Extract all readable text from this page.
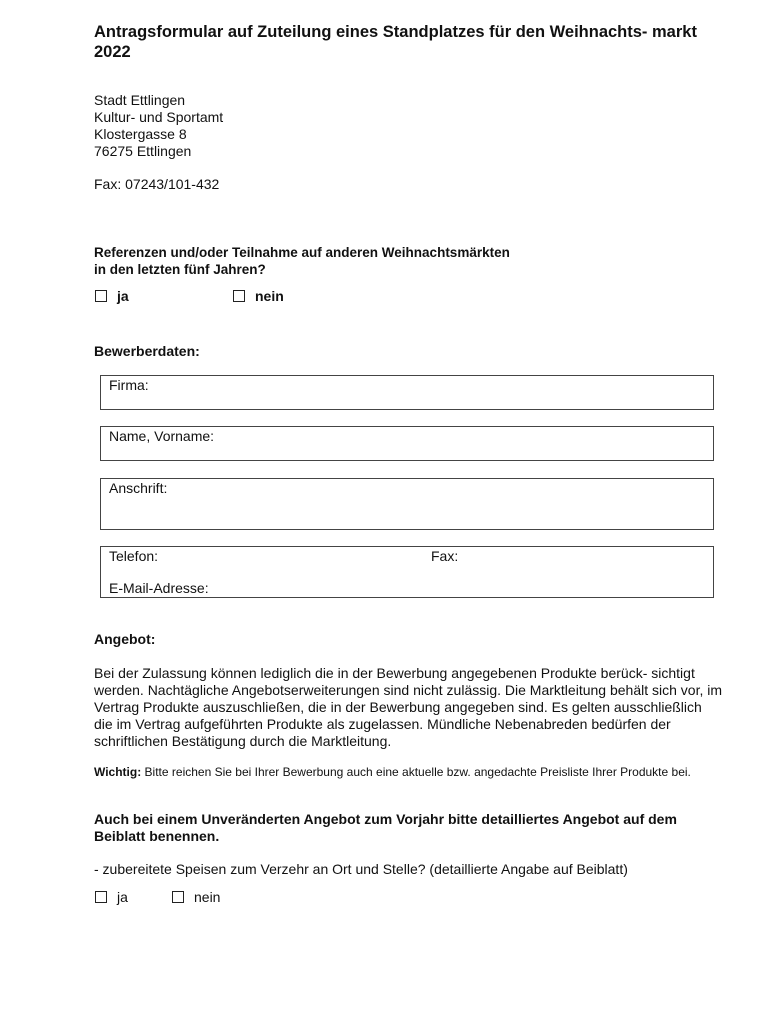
Antragsformular auf Zuteilung eines Standplatzes für den Weihnachts- markt 2022
Stadt Ettlingen
Kultur- und Sportamt
Klostergasse 8
76275 Ettlingen
Fax: 07243/101-432
Referenzen und/oder Teilnahme auf anderen Weihnachtsmärkten
in den letzten fünf Jahren?
ja	nein
Bewerberdaten:
Firma:
Name, Vorname:
Anschrift:
Telefon:	Fax:
E-Mail-Adresse:
Angebot:
Bei der Zulassung können lediglich die in der Bewerbung angegebenen Produkte berück- sichtigt werden. Nachtägliche Angebotserweiterungen sind nicht zulässig. Die Marktleitung behält sich vor, im Vertrag Produkte auszuschließen, die in der Bewerbung angegeben sind. Es gelten ausschließlich die im Vertrag aufgeführten Produkte als zugelassen. Mündliche Nebenabreden bedürfen der schriftlichen Bestätigung durch die Marktleitung.
Wichtig: Bitte reichen Sie bei Ihrer Bewerbung auch eine aktuelle bzw. angedachte Preisliste Ihrer Produkte bei.
Auch bei einem Unveränderten Angebot zum Vorjahr bitte detailliertes Angebot auf dem Beiblatt benennen.
- zubereitete Speisen zum Verzehr an Ort und Stelle? (detaillierte Angabe auf Beiblatt)
ja	nein
